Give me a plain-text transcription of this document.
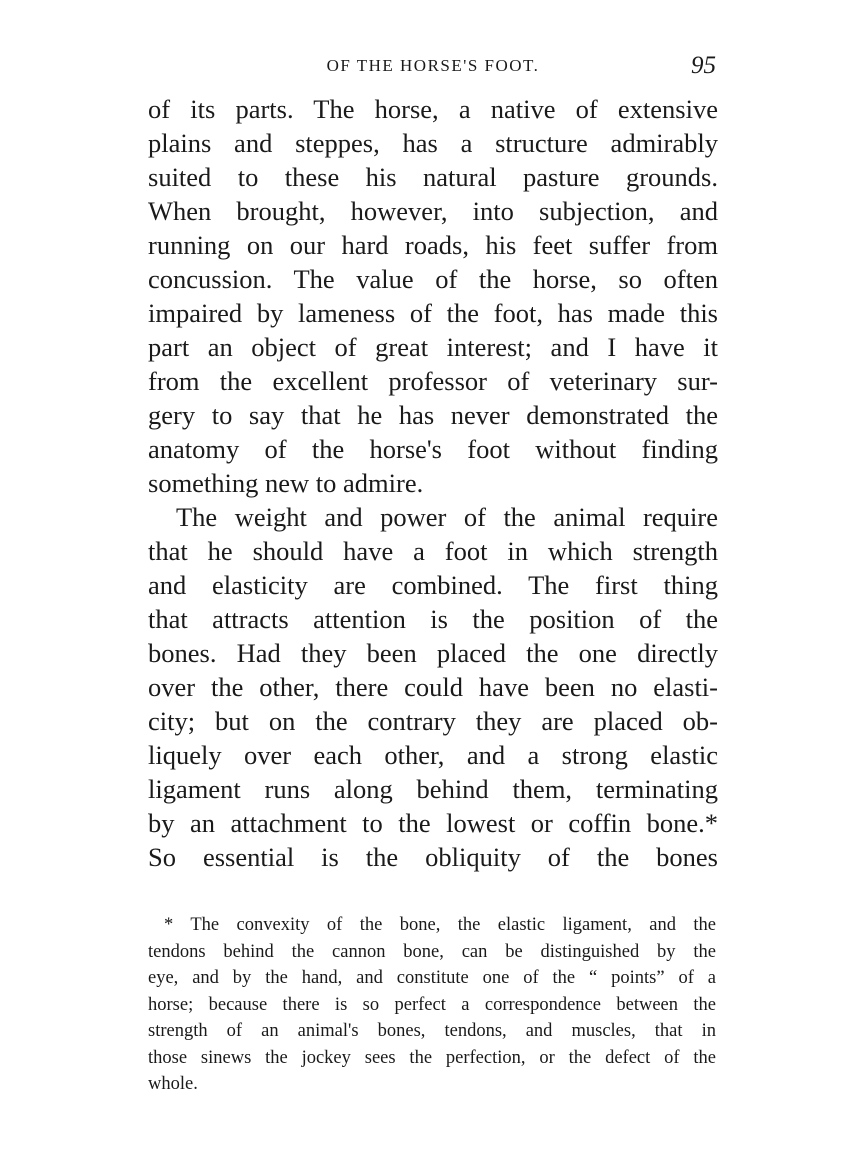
OF THE HORSE'S FOOT.	95
of its parts. The horse, a native of extensive
plains and steppes, has a structure admirably
suited to these his natural pasture grounds.
When brought, however, into subjection, and
running on our hard roads, his feet suffer from
concussion. The value of the horse, so often
impaired by lameness of the foot, has made this
part an object of great interest; and I have it
from the excellent professor of veterinary sur-
gery to say that he has never demonstrated the
anatomy of the horse's foot without finding
something new to admire.
The weight and power of the animal require
that he should have a foot in which strength
and elasticity are combined. The first thing
that attracts attention is the position of the
bones. Had they been placed the one directly
over the other, there could have been no elasti-
city; but on the contrary they are placed ob-
liquely over each other, and a strong elastic
ligament runs along behind them, terminating
by an attachment to the lowest or coffin bone.*
So essential is the obliquity of the bones
* The convexity of the bone, the elastic ligament, and the
tendons behind the cannon bone, can be distinguished by the
eye, and by the hand, and constitute one of the “ points” of a
horse; because there is so perfect a correspondence between the
strength of an animal's bones, tendons, and muscles, that in
those sinews the jockey sees the perfection, or the defect of the
whole.
